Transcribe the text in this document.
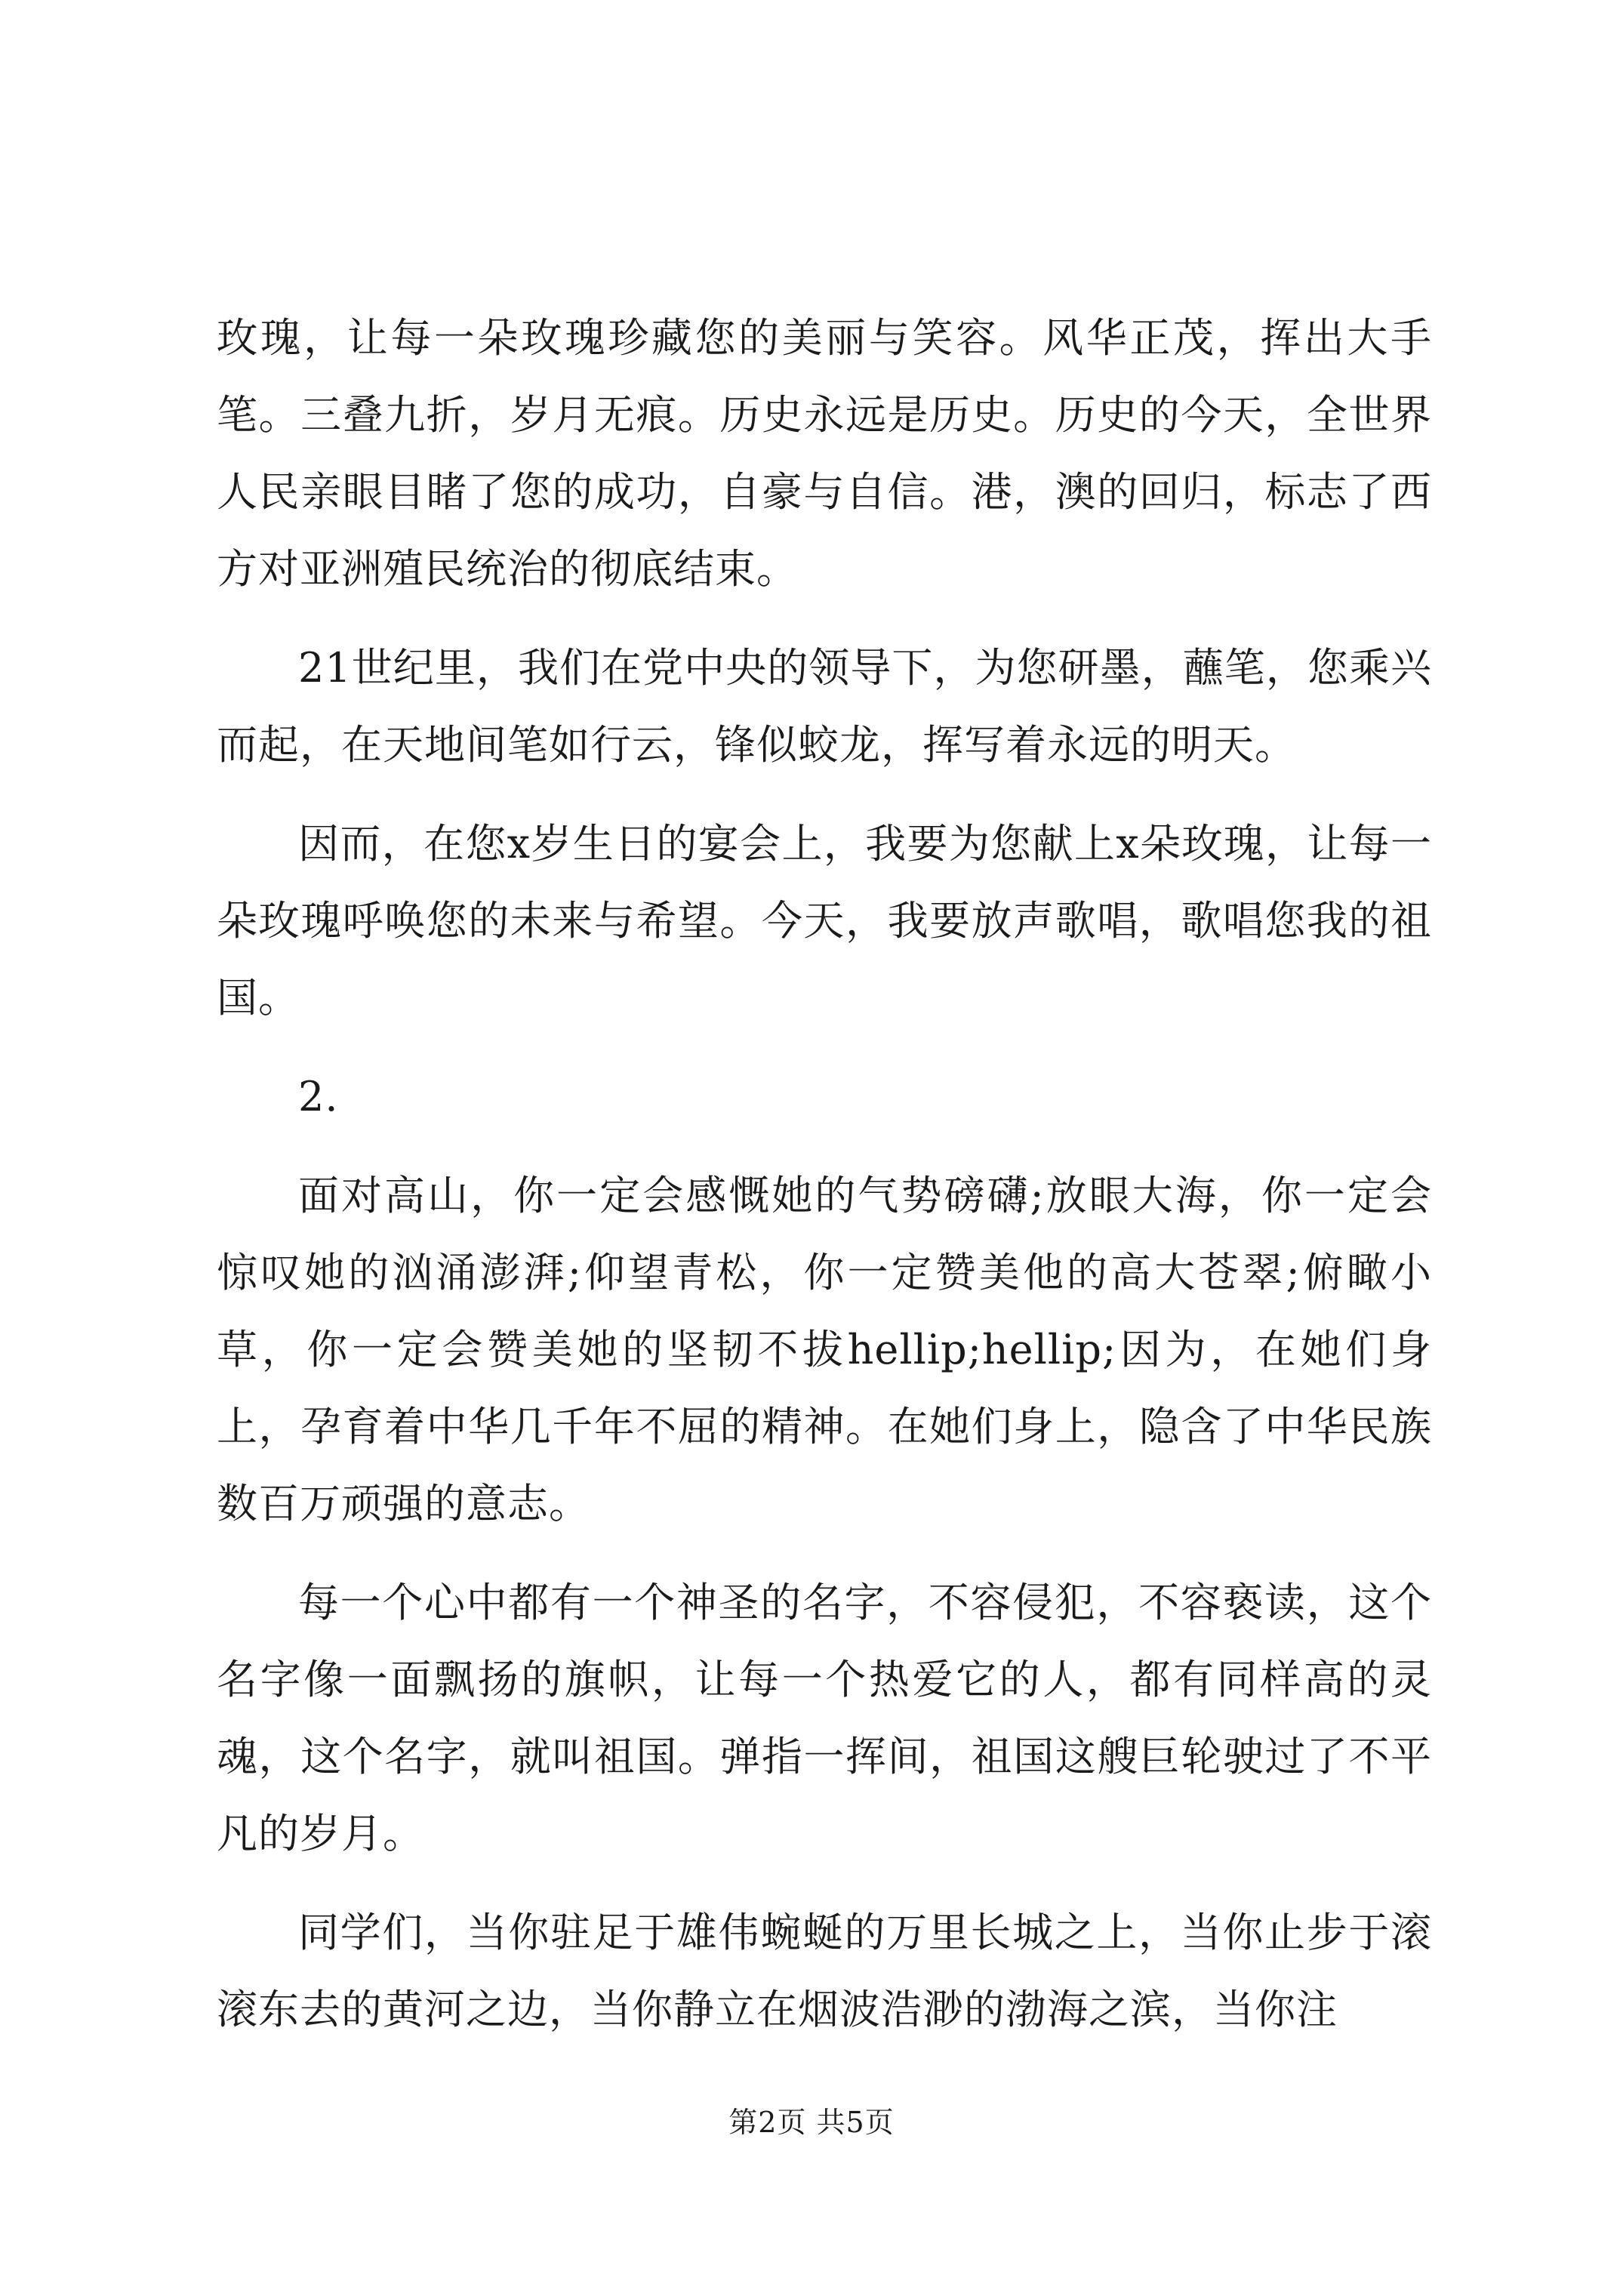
玫瑰，让每一朵玫瑰珍藏您的美丽与笑容。风华正茂，挥出大手笔。三叠九折，岁月无痕。历史永远是历史。历史的今天，全世界人民亲眼目睹了您的成功，自豪与自信。港，澳的回归，标志了西方对亚洲殖民统治的彻底结束。

21世纪里，我们在党中央的领导下，为您研墨，蘸笔，您乘兴而起，在天地间笔如行云，锋似蛟龙，挥写着永远的明天。

因而，在您x岁生日的宴会上，我要为您献上x朵玫瑰，让每一朵玫瑰呼唤您的未来与希望。今天，我要放声歌唱，歌唱您我的祖国。

2.

面对高山，你一定会感慨她的气势磅礴;放眼大海，你一定会惊叹她的汹涌澎湃;仰望青松，你一定赞美他的高大苍翠;俯瞰小草，你一定会赞美她的坚韧不拔hellip;hellip;因为，在她们身上，孕育着中华几千年不屈的精神。在她们身上，隐含了中华民族数百万顽强的意志。

每一个心中都有一个神圣的名字，不容侵犯，不容亵读，这个名字像一面飘扬的旗帜，让每一个热爱它的人，都有同样高的灵魂，这个名字，就叫祖国。弹指一挥间，祖国这艘巨轮驶过了不平凡的岁月。

同学们，当你驻足于雄伟蜿蜒的万里长城之上，当你止步于滚滚东去的黄河之边，当你静立在烟波浩渺的渤海之滨，当你注

第2页 共5页
